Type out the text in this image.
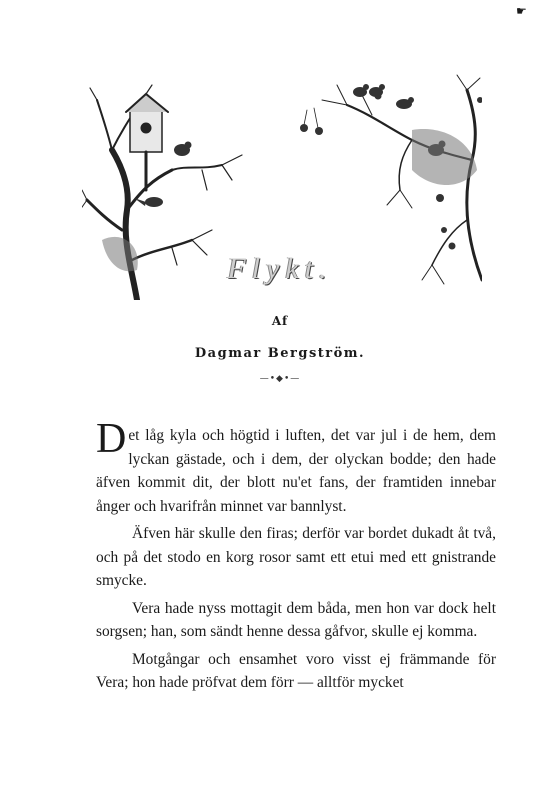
☛
Flykt.
Af
Dagmar Bergström.
—•◆•—

Det låg kyla och högtid i luften, det var jul i de hem, dem lyckan gästade, och i dem, der olyckan bodde; den hade äfven kommit dit, der blott nu'et fans, der framtiden innebar ånger och hvarifrån minnet var bannlyst.

Äfven här skulle den firas; derför var bordet dukadt åt två, och på det stodo en korg rosor samt ett etui med ett gnistrande smycke.

Vera hade nyss mottagit dem båda, men hon var dock helt sorgsen; han, som sändt henne dessa gåfvor, skulle ej komma.

Motgångar och ensamhet voro visst ej främmande för Vera; hon hade pröfvat dem förr — alltför mycket
